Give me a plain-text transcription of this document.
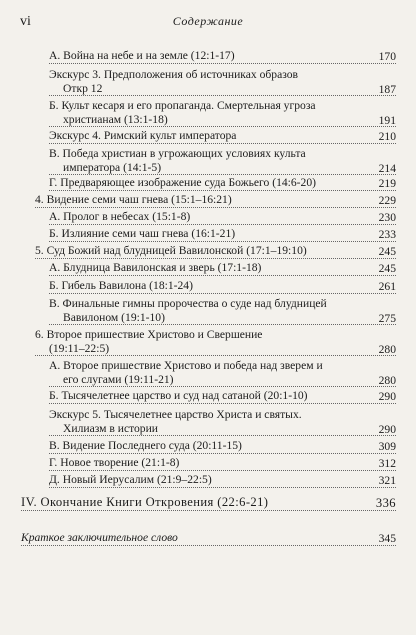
vi	Содержание
А. Война на небе и на земле (12:1-17)	170
Экскурс 3. Предположения об источниках образов
Откр 12	187
Б. Культ кесаря и его пропаганда. Смертельная угроза
христианам (13:1-18)	191
Экскурс 4. Римский культ императора	210
В. Победа христиан в угрожающих условиях культа
императора (14:1-5)	214
Г. Предваряющее изображение суда Божьего (14:6-20)	219
4. Видение семи чаш гнева (15:1–16:21)	229
А. Пролог в небесах (15:1-8)	230
Б. Излияние семи чаш гнева (16:1-21)	233
5. Суд Божий над блудницей Вавилонской (17:1–19:10)	245
А. Блудница Вавилонская и зверь (17:1-18)	245
Б. Гибель Вавилона (18:1-24)	261
В. Финальные гимны пророчества о суде над блудницей
Вавилоном (19:1-10)	275
6. Второе пришествие Христово и Свершение
(19:11–22:5)	280
А. Второе пришествие Христово и победа над зверем и
его слугами (19:11-21)	280
Б. Тысячелетнее царство и суд над сатаной (20:1-10)	290
Экскурс 5. Тысячелетнее царство Христа и святых.
Хилиазм в истории	290
В. Видение Последнего суда (20:11-15)	309
Г. Новое творение (21:1-8)	312
Д. Новый Иерусалим (21:9–22:5)	321
IV. Окончание Книги Откровения (22:6-21)	336
Краткое заключительное слово	345
